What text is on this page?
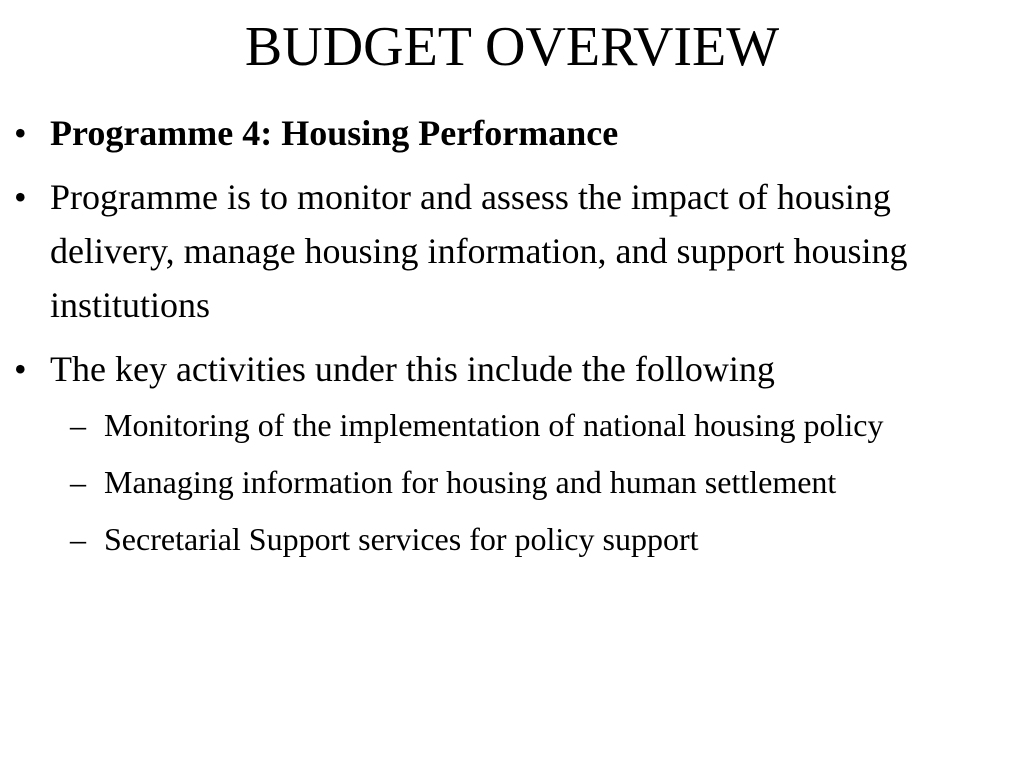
BUDGET OVERVIEW
• Programme 4: Housing Performance
• Programme is to monitor and assess the impact of housing delivery, manage housing information, and support housing institutions
• The key activities under this include the following
– Monitoring of the implementation of national housing policy
– Managing information for housing and human settlement
– Secretarial Support services for policy support
